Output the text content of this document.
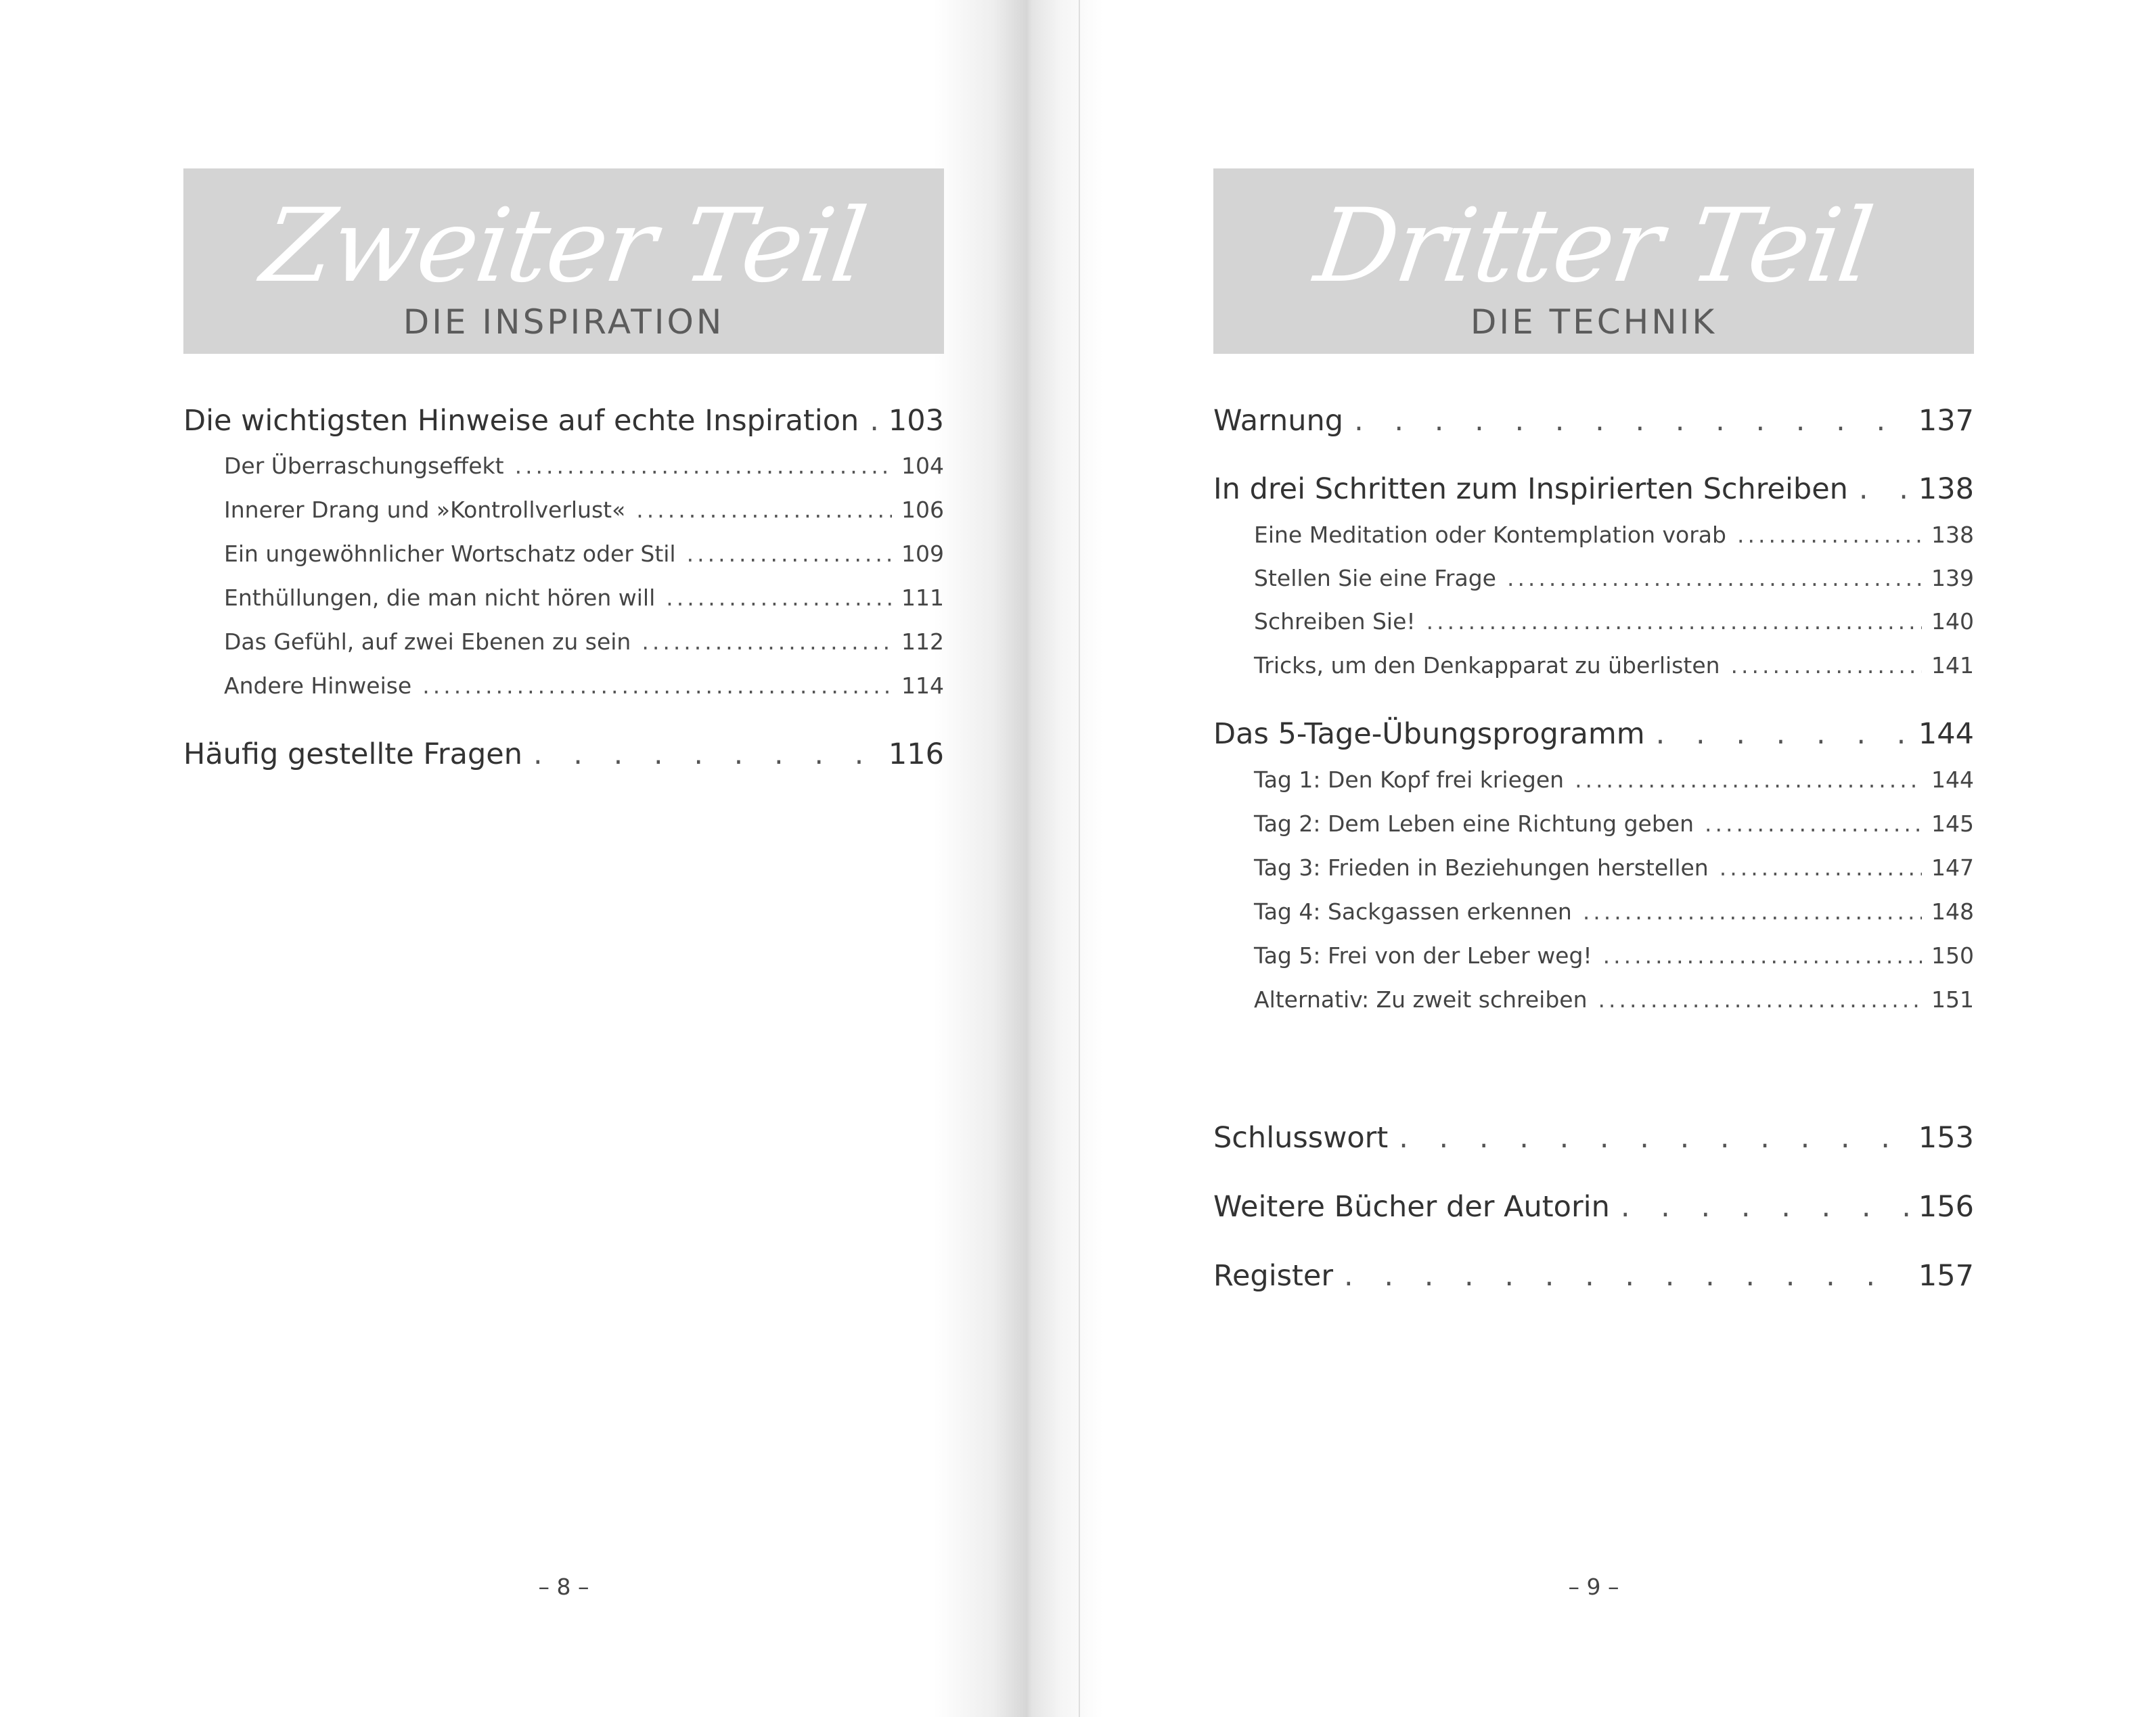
Zweiter Teil
DIE INSPIRATION
Die wichtigsten Hinweise auf echte Inspiration . . . 103
Der Überraschungseffekt .....	104
Innerer Drang und »Kontrollverlust« .....	106
Ein ungewöhnlicher Wortschatz oder Stil .....	109
Enthüllungen, die man nicht hören will .....	111
Das Gefühl, auf zwei Ebenen zu sein .....	112
Andere Hinweise .....	114
Häufig gestellte Fragen . . .	116
– 8 –
Dritter Teil
DIE TECHNIK
Warnung . . .	137
In drei Schritten zum Inspirierten Schreiben . . . 138
Eine Meditation oder Kontemplation vorab .....	138
Stellen Sie eine Frage .....	139
Schreiben Sie! .....	140
Tricks, um den Denkapparat zu überlisten .....	141
Das 5-Tage-Übungsprogramm . . .	144
Tag 1: Den Kopf frei kriegen .....	144
Tag 2: Dem Leben eine Richtung geben .....	145
Tag 3: Frieden in Beziehungen herstellen .....	147
Tag 4: Sackgassen erkennen .....	148
Tag 5: Frei von der Leber weg! .....	150
Alternativ: Zu zweit schreiben .....	151
Schlusswort . . .	153
Weitere Bücher der Autorin . . .	156
Register . . .	157
– 9 –
